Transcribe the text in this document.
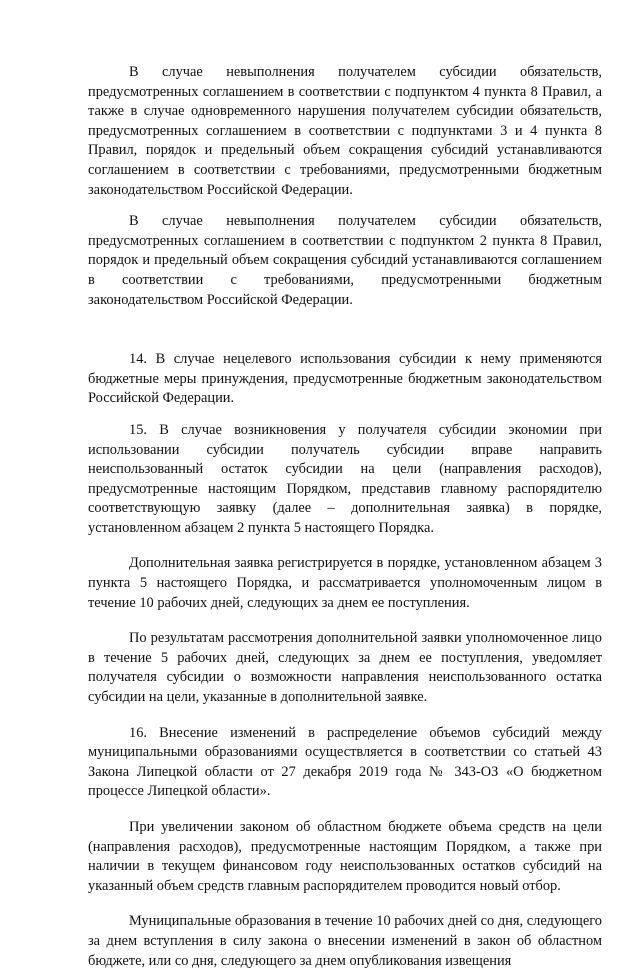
В случае невыполнения получателем субсидии обязательств, предусмотренных соглашением в соответствии с подпунктом 4 пункта 8 Правил, а также в случае одновременного нарушения получателем субсидии обязательств, предусмотренных соглашением в соответствии с подпунктами 3 и 4 пункта 8 Правил, порядок и предельный объем сокращения субсидий устанавливаются соглашением в соответствии с требованиями, предусмотренными бюджетным законодательством Российской Федерации.

В случае невыполнения получателем субсидии обязательств, предусмотренных соглашением в соответствии с подпунктом 2 пункта 8 Правил, порядок и предельный объем сокращения субсидий устанавливаются соглашением в соответствии с требованиями, предусмотренными бюджетным законодательством Российской Федерации.

14. В случае нецелевого использования субсидии к нему применяются бюджетные меры принуждения, предусмотренные бюджетным законодательством Российской Федерации.

15. В случае возникновения у получателя субсидии экономии при использовании субсидии получатель субсидии вправе направить неиспользованный остаток субсидии на цели (направления расходов), предусмотренные настоящим Порядком, представив главному распорядителю соответствующую заявку (далее – дополнительная заявка) в порядке, установленном абзацем 2 пункта 5 настоящего Порядка.

Дополнительная заявка регистрируется в порядке, установленном абзацем 3 пункта 5 настоящего Порядка, и рассматривается уполномоченным лицом в течение 10 рабочих дней, следующих за днем ее поступления.

По результатам рассмотрения дополнительной заявки уполномоченное лицо в течение 5 рабочих дней, следующих за днем ее поступления, уведомляет получателя субсидии о возможности направления неиспользованного остатка субсидии на цели, указанные в дополнительной заявке.

16. Внесение изменений в распределение объемов субсидий между муниципальными образованиями осуществляется в соответствии со статьей 43 Закона Липецкой области от 27 декабря 2019 года № 343-ОЗ «О бюджетном процессе Липецкой области».

При увеличении законом об областном бюджете объема средств на цели (направления расходов), предусмотренные настоящим Порядком, а также при наличии в текущем финансовом году неиспользованных остатков субсидий на указанный объем средств главным распорядителем проводится новый отбор.

Муниципальные образования в течение 10 рабочих дней со дня, следующего за днем вступления в силу закона о внесении изменений в закон об областном бюджете, или со дня, следующего за днем опубликования извещения
